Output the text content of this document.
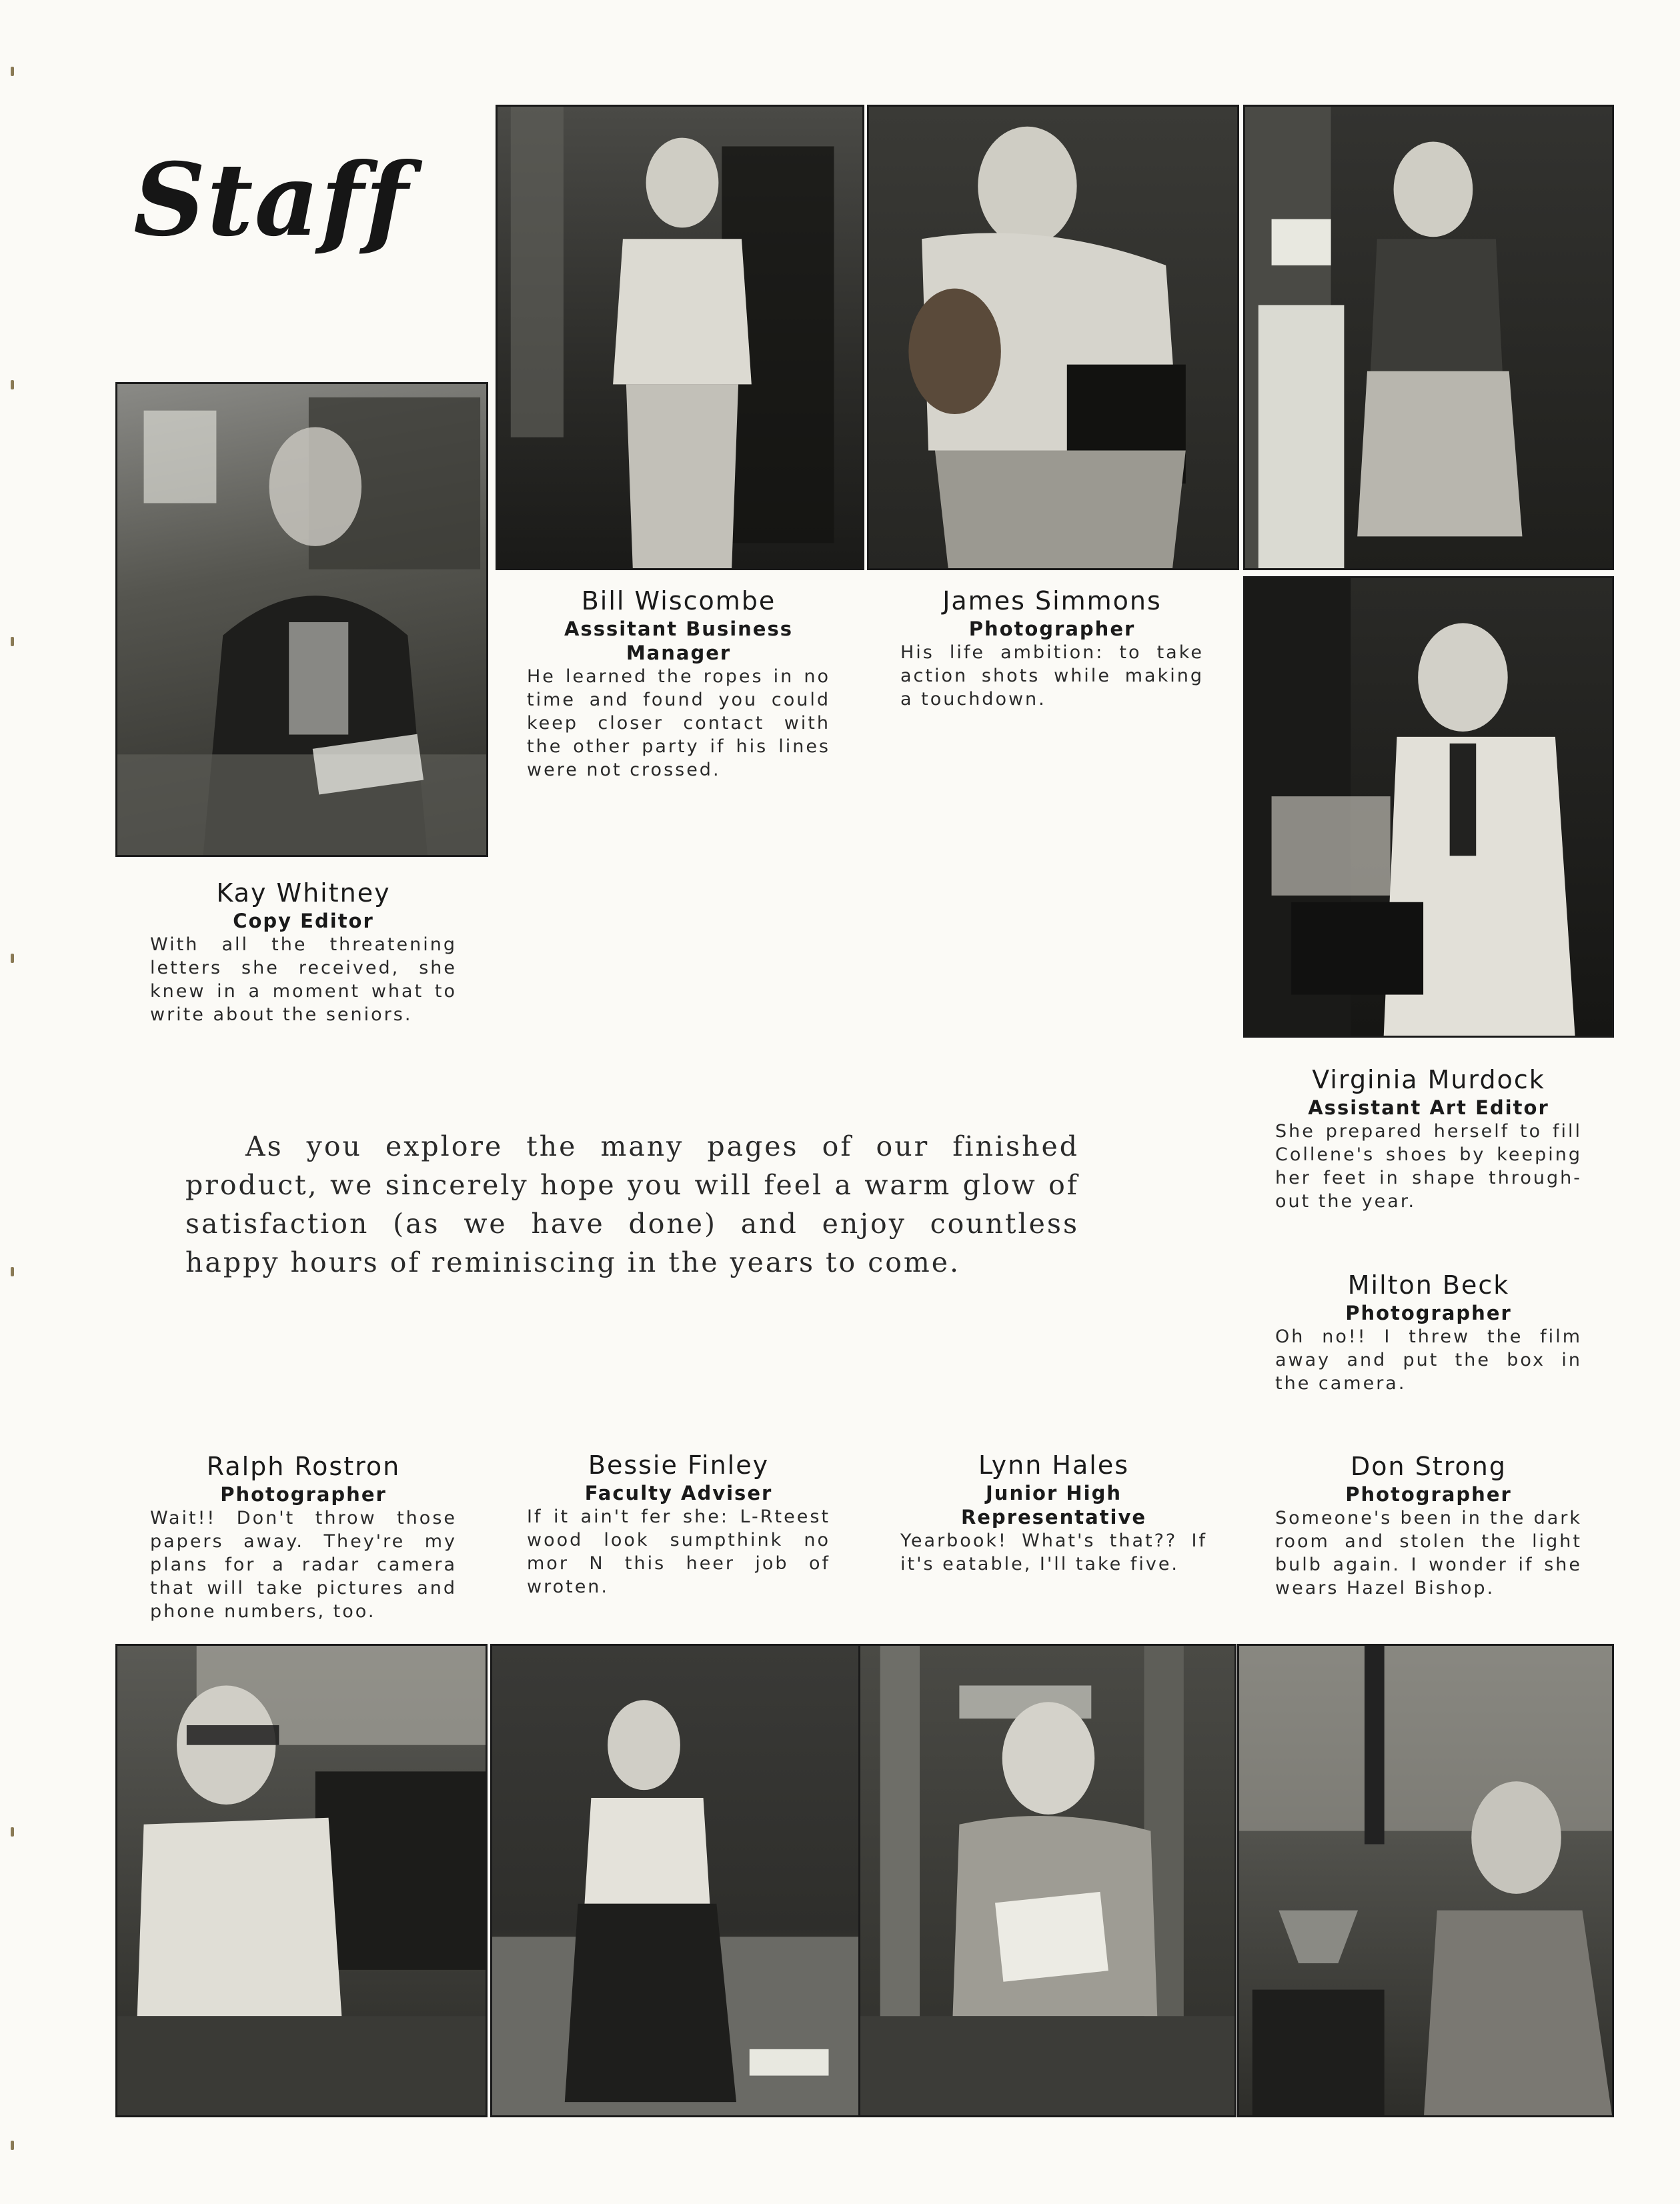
Staff
Kay Whitney
Copy Editor
With all the threatening letters she received, she knew in a moment what to write about the seniors.
Bill Wiscombe
Asssitant Business Manager
He learned the ropes in no time and found you could keep closer contact with the other party if his lines were not crossed.
James Simmons
Photographer
His life ambition: to take action shots while making a touchdown.
Virginia Murdock
Assistant Art Editor
She prepared herself to fill Collene's shoes by keeping her feet in shape through-out the year.
Milton Beck
Photographer
Oh no!! I threw the film away and put the box in the camera.
Ralph Rostron
Photographer
Wait!! Don't throw those papers away. They're my plans for a radar camera that will take pictures and phone numbers, too.
Bessie Finley
Faculty Adviser
If it ain't fer she: L-Rteest wood look sumpthink no mor N this heer job of wroten.
Lynn Hales
Junior High Representative
Yearbook! What's that?? If it's eatable, I'll take five.
Don Strong
Photographer
Someone's been in the dark room and stolen the light bulb again. I wonder if she wears Hazel Bishop.
As you explore the many pages of our finished product, we sincerely hope you will feel a warm glow of satisfaction (as we have done) and enjoy countless happy hours of reminiscing in the years to come.
